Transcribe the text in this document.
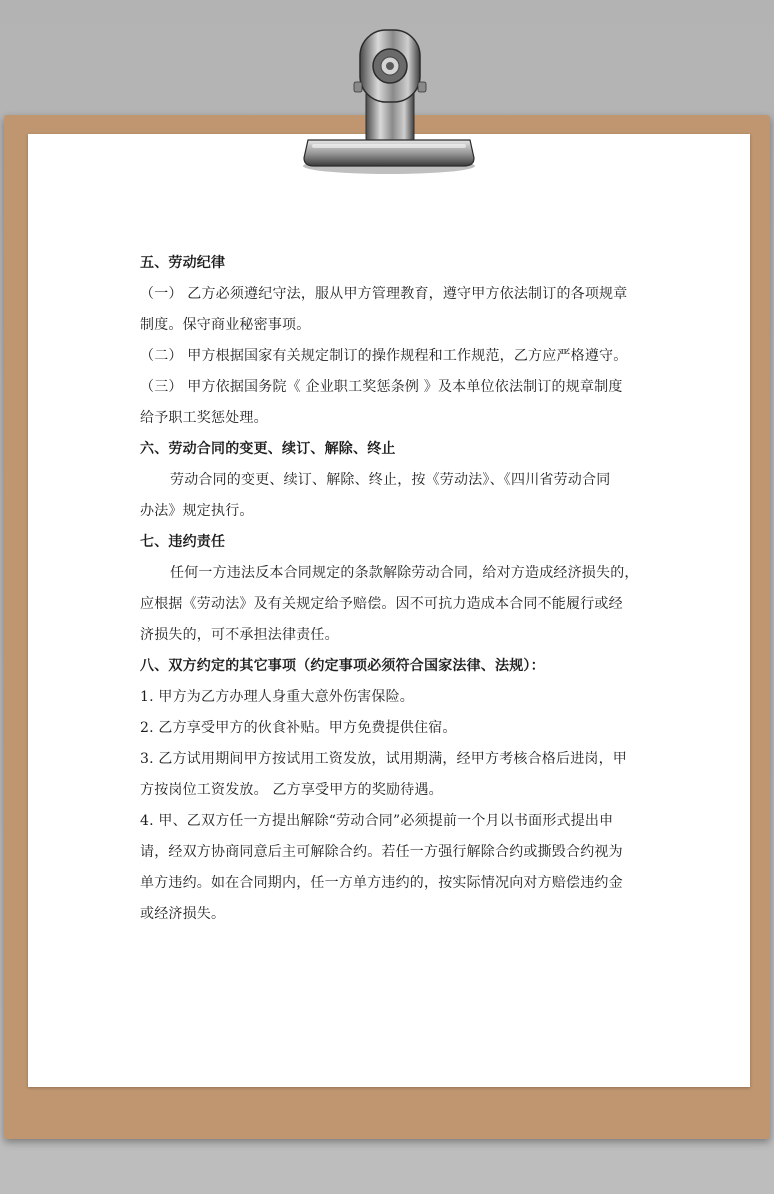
五、劳动纪律
（一） 乙方必须遵纪守法，服从甲方管理教育，遵守甲方依法制订的各项规章
制度。保守商业秘密事项。
（二） 甲方根据国家有关规定制订的操作规程和工作规范，乙方应严格遵守。
（三） 甲方依据国务院《 企业职工奖惩条例 》及本单位依法制订的规章制度
给予职工奖惩处理。
六、劳动合同的变更、续订、解除、终止
劳动合同的变更、续订、解除、终止，按《劳动法》、《四川省劳动合同
办法》规定执行。
七、违约责任
任何一方违法反本合同规定的条款解除劳动合同，给对方造成经济损失的，
应根据《劳动法》及有关规定给予赔偿。因不可抗力造成本合同不能履行或经
济损失的，可不承担法律责任。
八、双方约定的其它事项（约定事项必须符合国家法律、法规）：
1. 甲方为乙方办理人身重大意外伤害保险。
2. 乙方享受甲方的伙食补贴。甲方免费提供住宿。
3. 乙方试用期间甲方按试用工资发放，试用期满，经甲方考核合格后进岗，甲
方按岗位工资发放。 乙方享受甲方的奖励待遇。
4. 甲、乙双方任一方提出解除“劳动合同”必须提前一个月以书面形式提出申
请，经双方协商同意后主可解除合约。若任一方强行解除合约或撕毁合约视为
单方违约。如在合同期内，任一方单方违约的，按实际情况向对方赔偿违约金
或经济损失。
